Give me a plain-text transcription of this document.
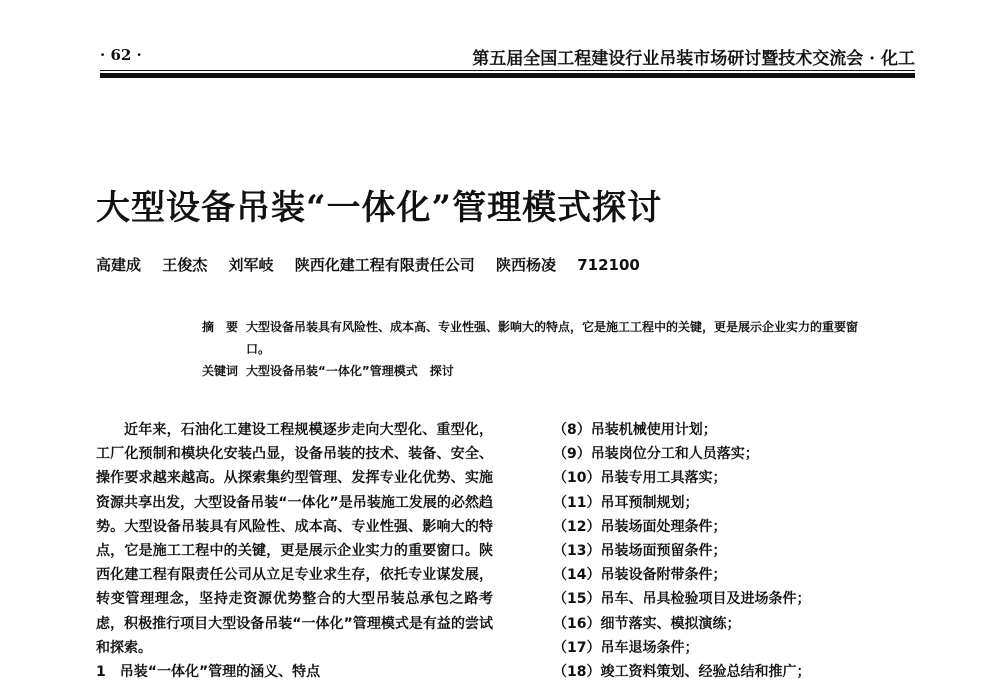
· 62 ·	第五届全国工程建设行业吊装市场研讨暨技术交流会 · 化工
大型设备吊装“一体化”管理模式探讨
高建成 王俊杰 刘军岐 陕西化建工程有限责任公司 陕西杨凌 712100
摘　要 大型设备吊装具有风险性、成本高、专业性强、影响大的特点，它是施工工程中的关键，更是展示企业实力的重要窗口。
关键词 大型设备吊装“一体化”管理模式　探讨

近年来，石油化工建设工程规模逐步走向大型化、重型化，工厂化预制和模块化安装凸显，设备吊装的技术、装备、安全、操作要求越来越高。从探索集约型管理、发挥专业化优势、实施资源共享出发，大型设备吊装“一体化”是吊装施工发展的必然趋势。大型设备吊装具有风险性、成本高、专业性强、影响大的特点，它是施工工程中的关键，更是展示企业实力的重要窗口。陕西化建工程有限责任公司从立足专业求生存，依托专业谋发展，转变管理理念，坚持走资源优势整合的大型吊装总承包之路考虑，积极推行项目大型设备吊装“一体化”管理模式是有益的尝试和探索。

1　吊装“一体化”管理的涵义、特点
（8）吊装机械使用计划；
（9）吊装岗位分工和人员落实；
（10）吊装专用工具落实；
（11）吊耳预制规划；
（12）吊装场面处理条件；
（13）吊装场面预留条件；
（14）吊装设备附带条件；
（15）吊车、吊具检验项目及进场条件；
（16）细节落实、模拟演练；
（17）吊车退场条件；
（18）竣工资料策划、经验总结和推广；
